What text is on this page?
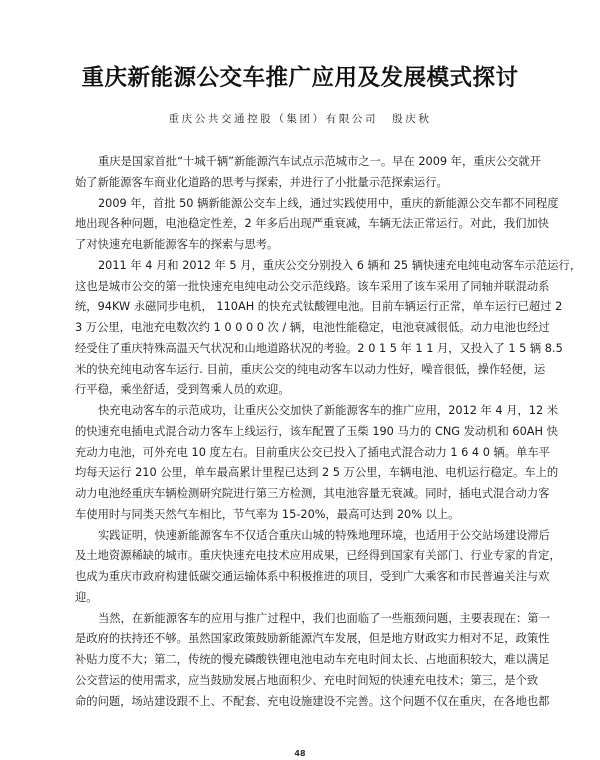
重庆新能源公交车推广应用及发展模式探讨
重庆公共交通控股（集团）有限公司 殷庆秋
重庆是国家首批“十城千辆”新能源汽车试点示范城市之一。早在 2009 年，重庆公交就开
始了新能源客车商业化道路的思考与探索，并进行了小批量示范探索运行。
2009 年，首批 50 辆新能源公交车上线，通过实践使用中，重庆的新能源公交车都不同程度
地出现各种问题，电池稳定性差，2 年多后出现严重衰减，车辆无法正常运行。对此，我们加快
了对快速充电新能源客车的探索与思考。
2011 年 4 月和 2012 年 5 月，重庆公交分别投入 6 辆和 25 辆快速充电纯电动客车示范运行，
这也是城市公交的第一批快速充电纯电动公交示范线路。该车采用了该车采用了同轴并联混动系
统，94KW 永磁同步电机， 110AH 的快充式钛酸锂电池。目前车辆运行正常，单车运行已超过 2
3 万公里，电池充电数次约 1 0 0 0 0 次 / 辆，电池性能稳定，电池衰减很低。动力电池也经过
经受住了重庆特殊高温天气状况和山地道路状况的考验。2 0 1 5 年 1 1 月，又投入了 1 5 辆 8.5
米的快充纯电动客车运行. 目前，重庆公交的纯电动客车以动力性好，噪音很低，操作轻便，运
行平稳，乘坐舒适，受到驾乘人员的欢迎。
快充电动客车的示范成功，让重庆公交加快了新能源客车的推广应用，2012 年 4 月，12 米
的快速充电插电式混合动力客车上线运行，该车配置了玉柴 190 马力的 CNG 发动机和 60AH 快
充动力电池，可外充电 10 度左右。目前重庆公交已投入了插电式混合动力 1 6 4 0 辆。单车平
均每天运行 210 公里，单车最高累计里程已达到 2 5 万公里，车辆电池、电机运行稳定。车上的
动力电池经重庆车辆检测研究院进行第三方检测，其电池容量无衰减。同时，插电式混合动力客
车使用时与同类天然气车相比，节气率为 15-20%，最高可达到 20% 以上。
实践证明，快速新能源客车不仅适合重庆山城的特殊地理环境，也适用于公交站场建设滞后
及土地资源稀缺的城市。重庆快速充电技术应用成果，已经得到国家有关部门、行业专家的肯定，
也成为重庆市政府构建低碳交通运输体系中积极推进的项目，受到广大乘客和市民普遍关注与欢
迎。
当然，在新能源客车的应用与推广过程中，我们也面临了一些瓶颈问题，主要表现在：第一
是政府的扶持还不够。虽然国家政策鼓励新能源汽车发展，但是地方财政实力相对不足，政策性
补贴力度不大；第二，传统的慢充磷酸铁锂电池电动车充电时间太长、占地面积较大，难以满足
公交营运的使用需求，应当鼓励发展占地面积少、充电时间短的快速充电技术；第三，是个致
命的问题，场站建设跟不上、不配套、充电设施建设不完善。这个问题不仅在重庆，在各地也都
48
